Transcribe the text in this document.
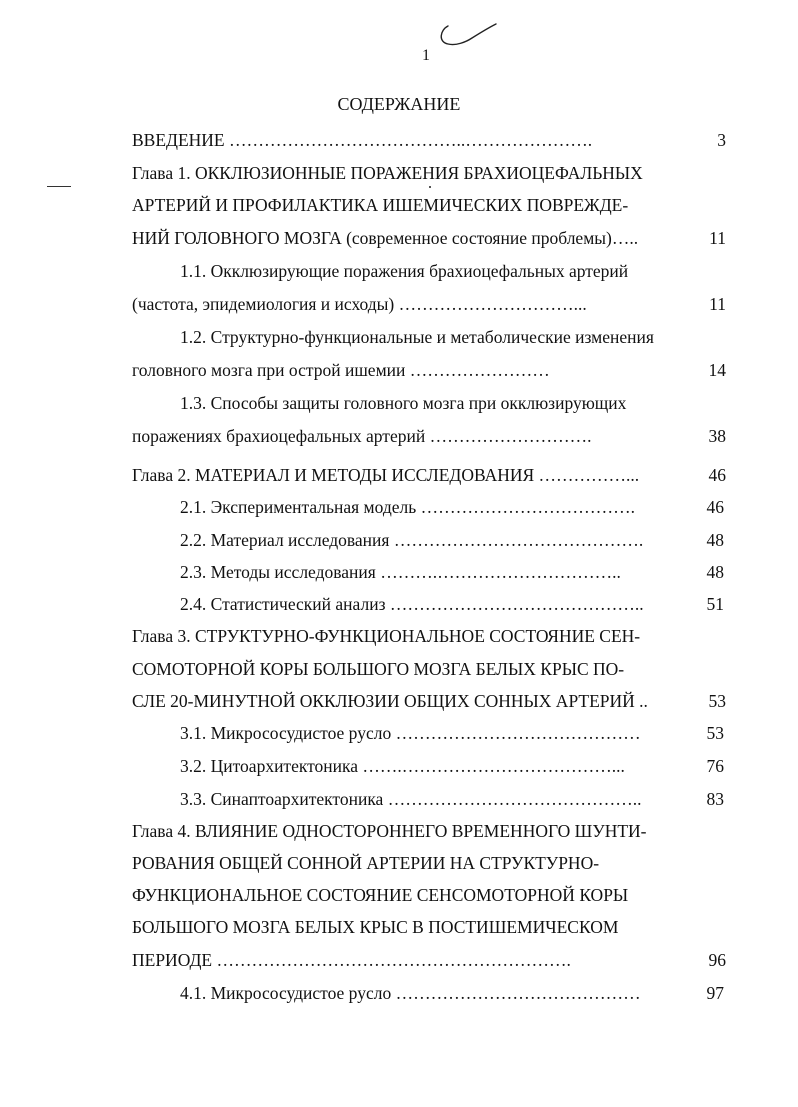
1
СОДЕРЖАНИЕ
ВВЕДЕНИЕ …………………………………..………………….	3
Глава 1. ОККЛЮЗИОННЫЕ ПОРАЖЕНИЯ БРАХИОЦЕФАЛЬНЫХ
АРТЕРИЙ И ПРОФИЛАКТИКА ИШЕМИЧЕСКИХ ПОВРЕЖДЕ-
НИЙ ГОЛОВНОГО МОЗГА (современное состояние проблемы)…..	11
1.1. Окклюзирующие поражения брахиоцефальных артерий
(частота, эпидемиология и исходы) …………………………...	11
1.2. Структурно-функциональные и метаболические изменения
головного мозга при острой ишемии ……………………	14
1.3. Способы защиты головного мозга при окклюзирующих
поражениях брахиоцефальных артерий ……………………….	38
Глава 2. МАТЕРИАЛ И МЕТОДЫ ИССЛЕДОВАНИЯ ……………...	46
2.1. Экспериментальная модель ……………………………….	46
2.2. Материал исследования …………………………………….	48
2.3. Методы исследования ……….…………………………..	48
2.4. Статистический анализ ……………………………………..	51
Глава 3. СТРУКТУРНО-ФУНКЦИОНАЛЬНОЕ СОСТОЯНИЕ СЕН-
СОМОТОРНОЙ КОРЫ БОЛЬШОГО МОЗГА БЕЛЫХ КРЫС ПО-
СЛЕ 20-МИНУТНОЙ ОККЛЮЗИИ ОБЩИХ СОННЫХ АРТЕРИЙ ..	53
3.1. Микрососудистое русло ……………………………………	53
3.2. Цитоархитектоника …….………………………………...	76
3.3. Синаптоархитектоника ……………………………………..	83
Глава 4. ВЛИЯНИЕ ОДНОСТОРОННЕГО ВРЕМЕННОГО ШУНТИ-
РОВАНИЯ ОБЩЕЙ СОННОЙ АРТЕРИИ НА СТРУКТУРНО-
ФУНКЦИОНАЛЬНОЕ СОСТОЯНИЕ СЕНСОМОТОРНОЙ КОРЫ
БОЛЬШОГО МОЗГА БЕЛЫХ КРЫС В ПОСТИШЕМИЧЕСКОМ
ПЕРИОДЕ …………………………………………………….	96
4.1. Микрососудистое русло ……………………………………	97
